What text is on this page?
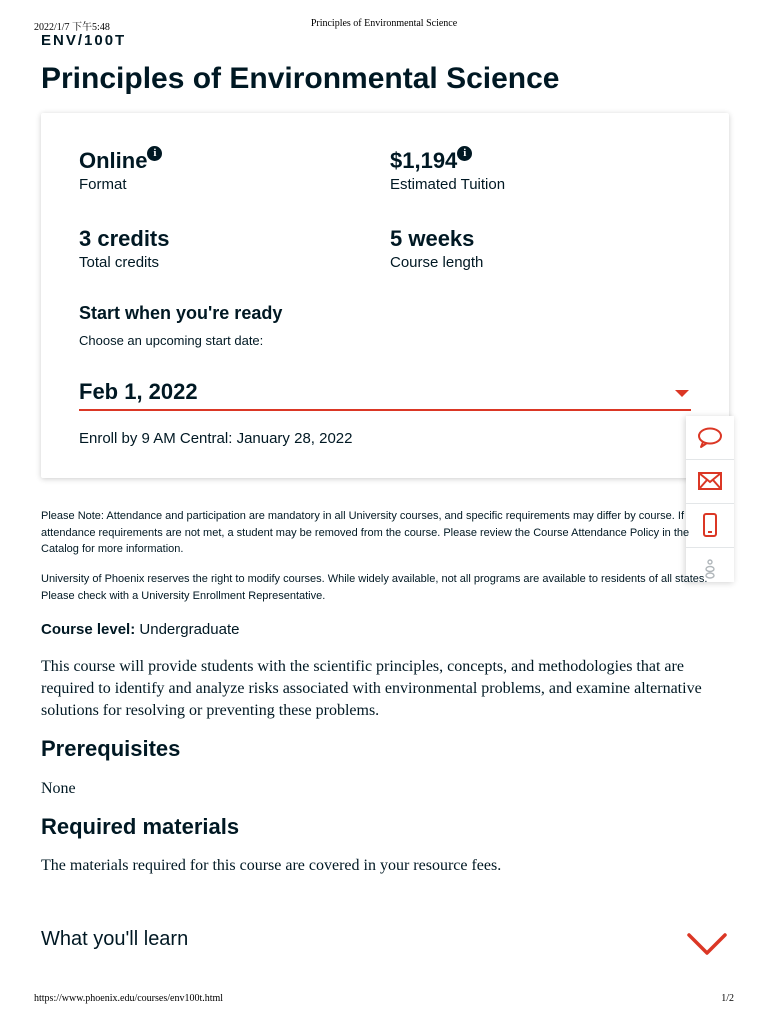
2022/1/7 下午5:48	Principles of Environmental Science
ENV/100T
Principles of Environmental Science
Online i
Format
$1,194 i
Estimated Tuition
3 credits
Total credits
5 weeks
Course length
Start when you're ready
Choose an upcoming start date:
Feb 1, 2022
Enroll by 9 AM Central: January 28, 2022

Please Note: Attendance and participation are mandatory in all University courses, and specific requirements may differ by course. If attendance requirements are not met, a student may be removed from the course. Please review the Course Attendance Policy in the Catalog for more information.

University of Phoenix reserves the right to modify courses. While widely available, not all programs are available to residents of all states. Please check with a University Enrollment Representative.

Course level: Undergraduate

This course will provide students with the scientific principles, concepts, and methodologies that are required to identify and analyze risks associated with environmental problems, and examine alternative solutions for resolving or preventing these problems.

Prerequisites

None

Required materials

The materials required for this course are covered in your resource fees.

What you'll learn
https://www.phoenix.edu/courses/env100t.html	1/2
